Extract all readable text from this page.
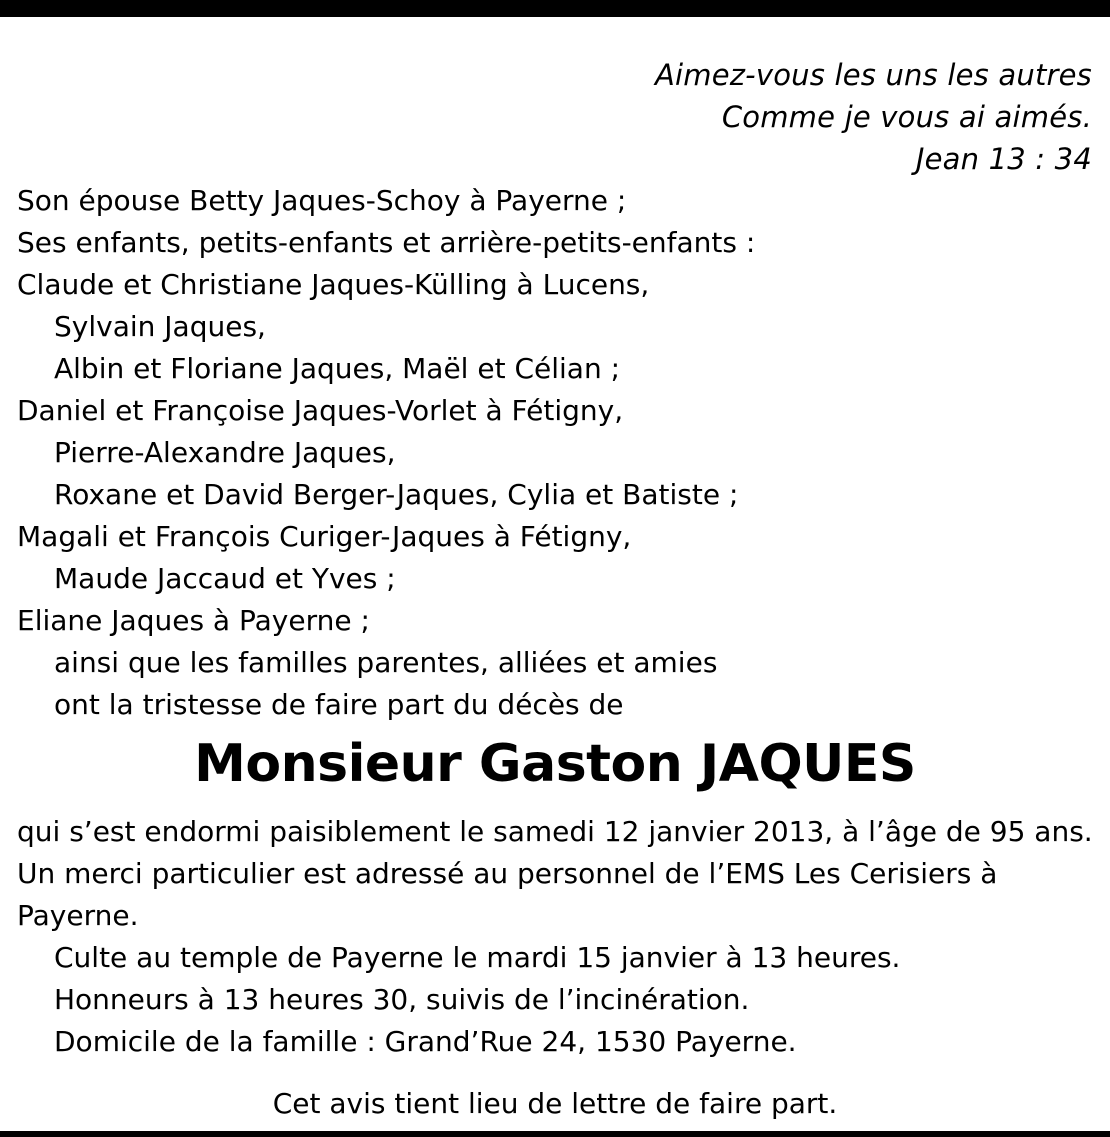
Aimez-vous les uns les autres
Comme je vous ai aimés.
Jean 13 : 34
Son épouse Betty Jaques-Schoy à Payerne ;
Ses enfants, petits-enfants et arrière-petits-enfants :
Claude et Christiane Jaques-Külling à Lucens,
Sylvain Jaques,
Albin et Floriane Jaques, Maël et Célian ;
Daniel et Françoise Jaques-Vorlet à Fétigny,
Pierre-Alexandre Jaques,
Roxane et David Berger-Jaques, Cylia et Batiste ;
Magali et François Curiger-Jaques à Fétigny,
Maude Jaccaud et Yves ;
Eliane Jaques à Payerne ;
ainsi que les familles parentes, alliées et amies
ont la tristesse de faire part du décès de
Monsieur Gaston JAQUES
qui s’est endormi paisiblement le samedi 12 janvier 2013, à l’âge de 95 ans. Un merci particulier est adressé au personnel de l’EMS Les Cerisiers à Payerne.
Culte au temple de Payerne le mardi 15 janvier à 13 heures.
Honneurs à 13 heures 30, suivis de l’incinération.
Domicile de la famille : Grand’Rue 24, 1530 Payerne.
Cet avis tient lieu de lettre de faire part.
